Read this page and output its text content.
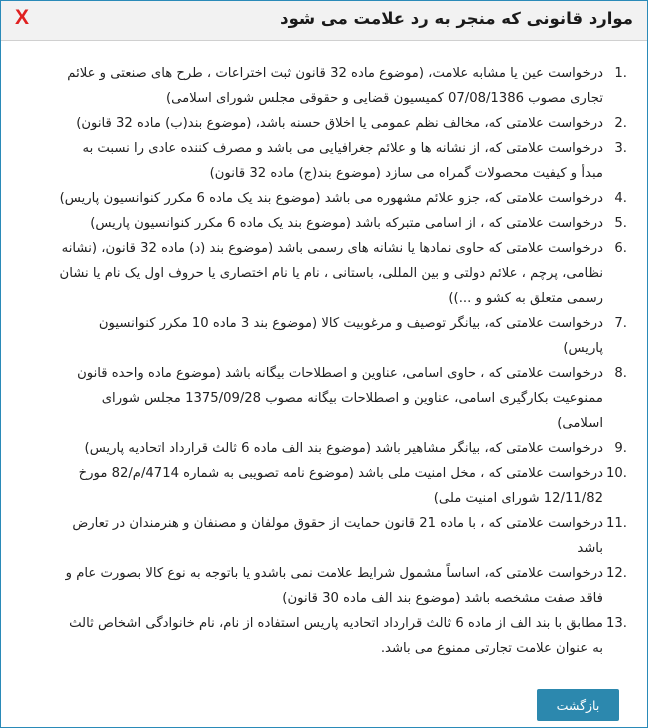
X	موارد قانونی که منجر به رد علامت می شود
1.
درخواست عین یا مشابه علامت، (موضوع ماده 32 قانون ثبت اختراعات ، طرح های صنعتی و علائم تجاری مصوب 07/08/1386 کمیسیون قضایی و حقوقی مجلس شورای اسلامی)
2.
درخواست علامتی که، مخالف نظم عمومی یا اخلاق حسنه باشد، (موضوع بند(ب) ماده 32 قانون)
3.
درخواست علامتی که، از نشانه ها و علائم جغرافیایی می باشد و مصرف کننده عادی را نسبت به مبدأ و کیفیت محصولات گمراه می سازد (موضوع بند(ج) ماده 32 قانون)
4.
درخواست علامتی که، جزو علائم مشهوره می باشد (موضوع بند یک ماده 6 مکرر کنوانسیون پاریس)
5.
درخواست علامتی که ، از اسامی متبرکه باشد (موضوع بند یک ماده 6 مکرر کنوانسیون پاریس)
6.
درخواست علامتی که حاوی نمادها یا نشانه های رسمی باشد (موضوع بند (د) ماده 32 قانون، (نشانه نظامی، پرچم ، علائم دولتی و بین المللی، باستانی ، نام یا نام اختصاری یا حروف اول یک نام یا نشان رسمی متعلق به کشو و ...))
7.
درخواست علامتی که، بیانگر توصیف و مرغوبیت کالا (موضوع بند 3 ماده 10 مکرر کنوانسیون پاریس)
8.
درخواست علامتی که ، حاوی اسامی، عناوین و اصطلاحات بیگانه باشد (موضوع ماده واحده قانون ممنوعیت بکارگیری اسامی، عناوین و اصطلاحات بیگانه مصوب 1375/09/28 مجلس شورای اسلامی)
9.
درخواست علامتی که، بیانگر مشاهیر باشد (موضوع بند الف ماده 6 ثالث قرارداد اتحادیه پاریس)
10.
درخواست علامتی که ، مخل امنیت ملی باشد (موضوع نامه تصویبی به شماره 4714/م/82 مورخ 12/11/82 شورای امنیت ملی)
11.
درخواست علامتی که ، با ماده 21 قانون حمایت از حقوق مولفان و مصنفان و هنرمندان در تعارض باشد
12.
درخواست علامتی که، اساساً مشمول شرایط علامت نمی باشدو یا باتوجه به نوع کالا بصورت عام و فاقد صفت مشخصه باشد (موضوع بند الف ماده 30 قانون)
13.
مطابق با بند الف از ماده 6 ثالث قرارداد اتحادیه پاریس استفاده از نام، نام خانوادگی اشخاص ثالث به عنوان علامت تجارتی ممنوع می باشد.
بازگشت
